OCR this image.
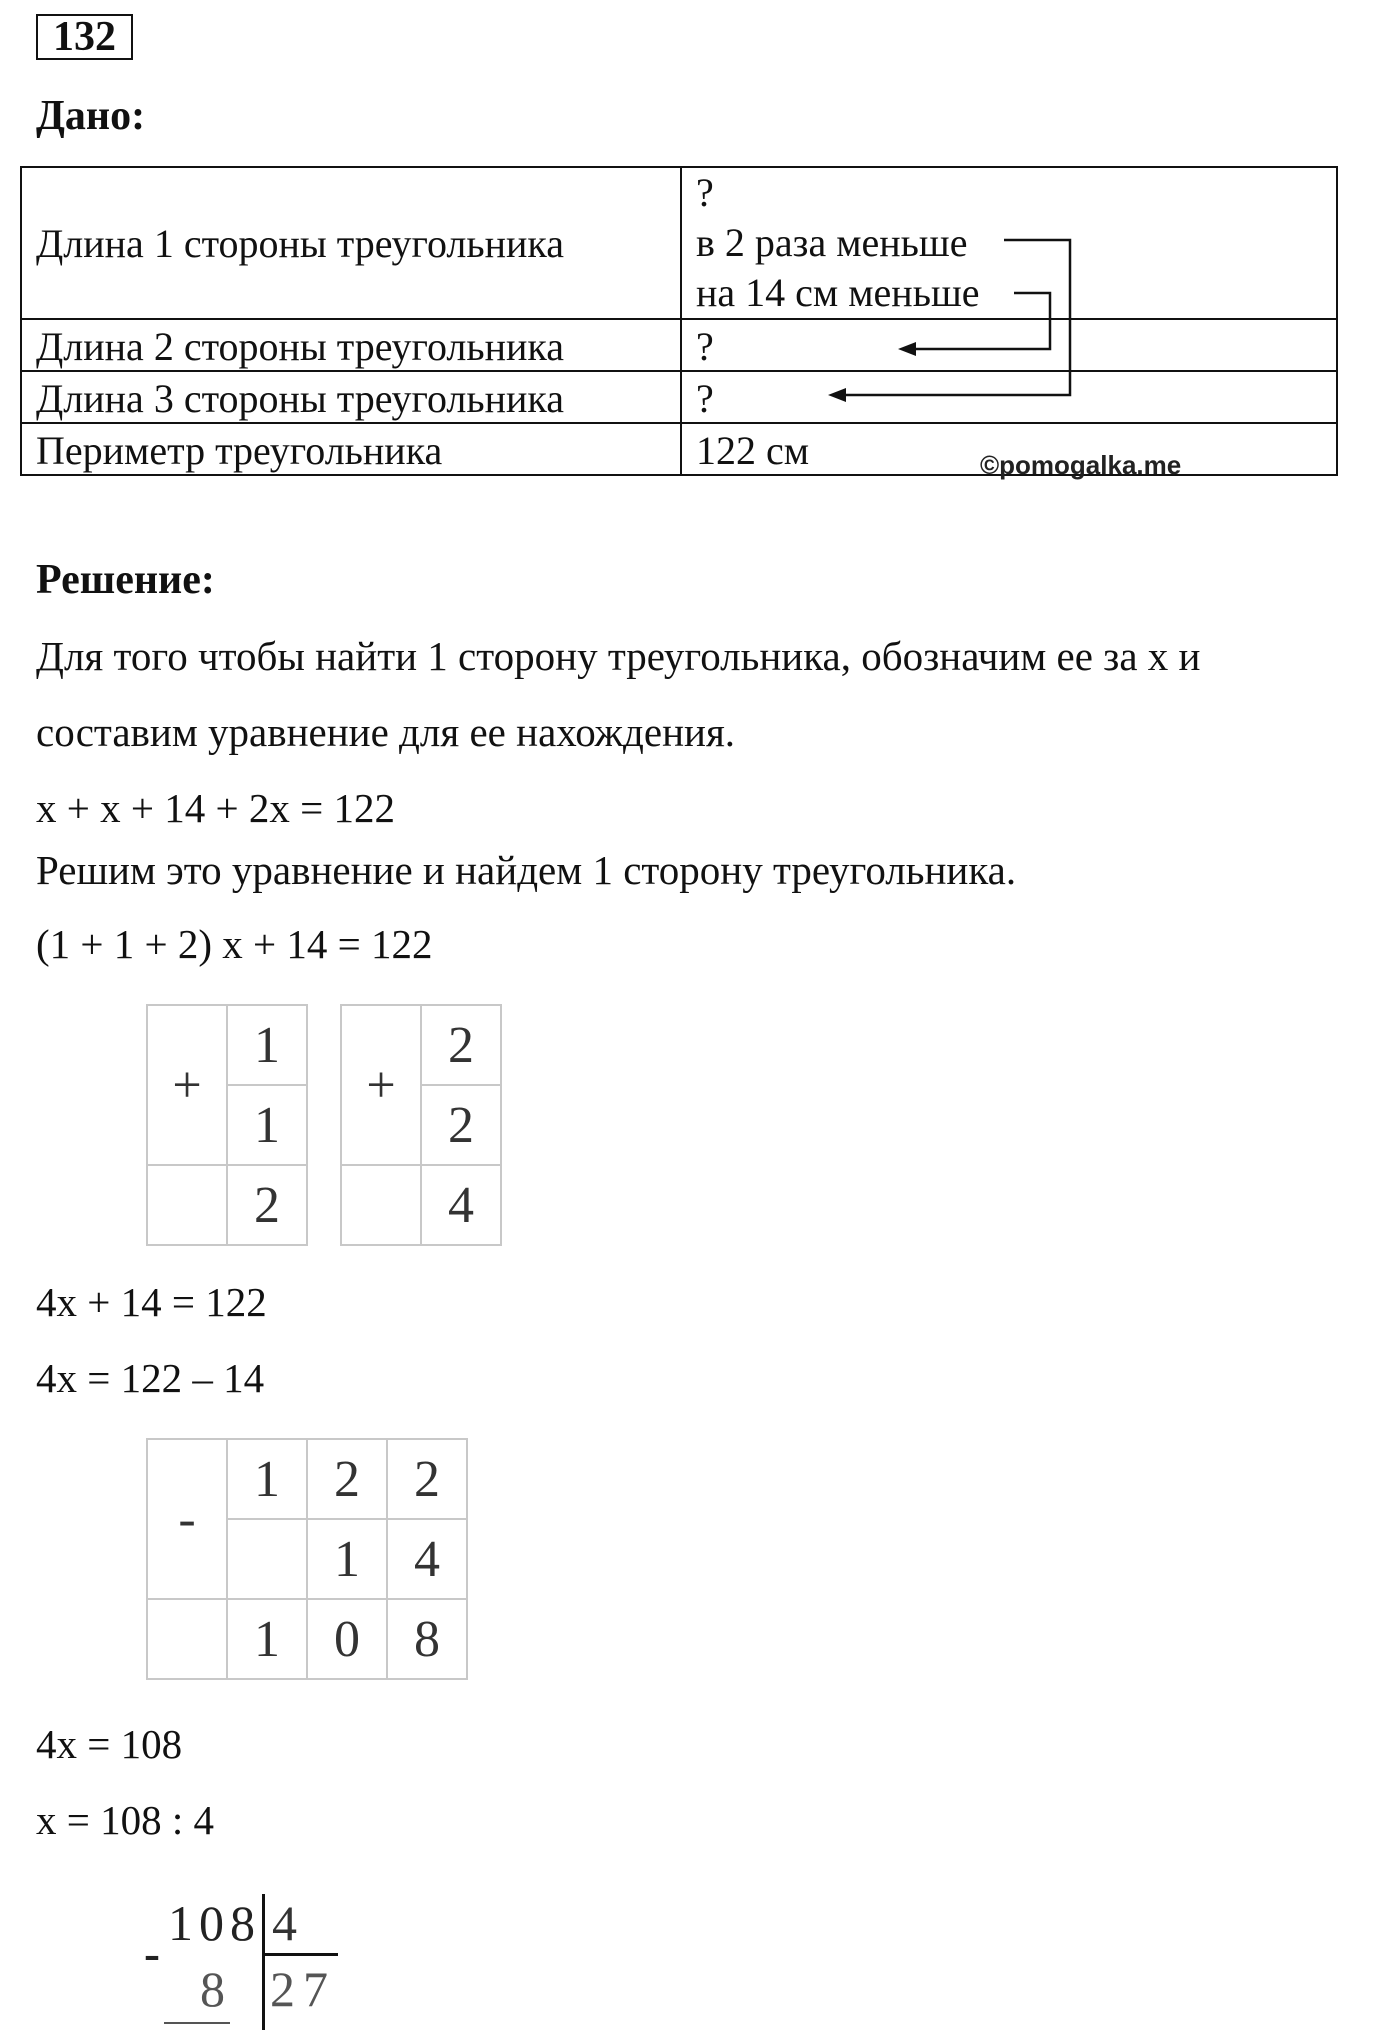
132
Дано:
Длина 1 стороны треугольника	?
в 2 раза меньше
на 14 см меньше

Длина 2 стороны треугольника	?
Длина 3 стороны треугольника	?
Периметр треугольника	122 см	©pomogalka.me
Решение:
Для того чтобы найти 1 сторону треугольника, обозначим ее за x и
составим уравнение для ее нахождения.
x + x + 14 + 2x = 122
Решим это уравнение и найдем 1 сторону треугольника.
(1 + 1 + 2) x + 14 = 122
+	1
	1
	2
+	2
	2
	4
4x + 14 = 122
4x = 122 – 14
-	1	2	2
		1	4
	1	0	8
4x = 108
x = 108 : 4
108 4
-
8 27
